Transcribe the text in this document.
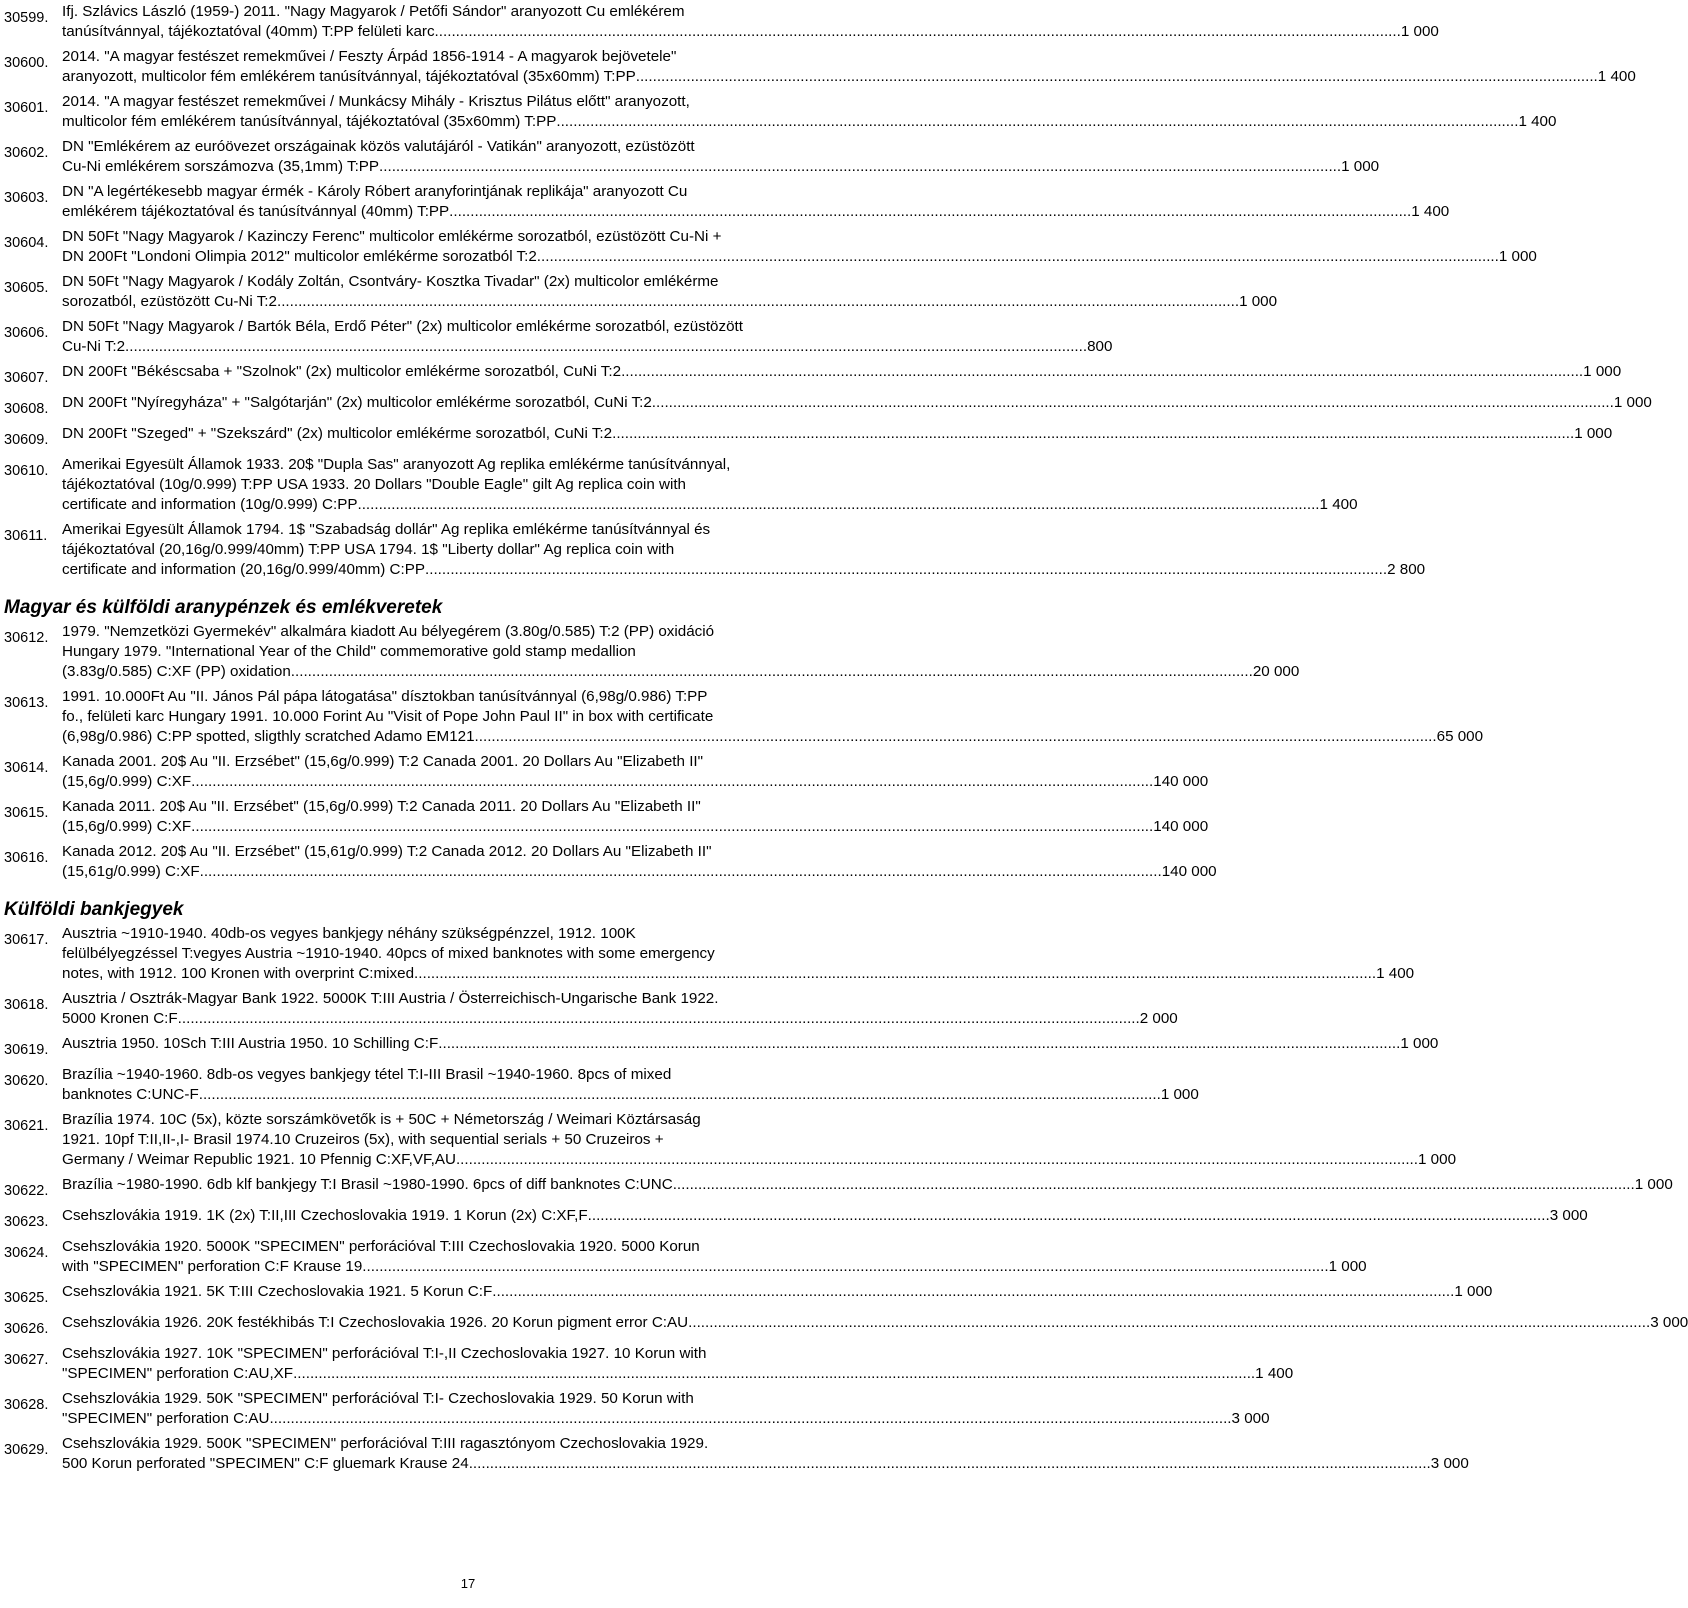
30599. Ifj. Szlávics László (1959-) 2011. "Nagy Magyarok / Petőfi Sándor" aranyozott Cu emlékérem
tanúsítvánnyal, tájékoztatóval (40mm) T:PP felületi karc. .....	1 000
30600. 2014. "A magyar festészet remekművei / Feszty Árpád 1856-1914 - A magyarok bejövetele"
aranyozott, multicolor fém emlékérem tanúsítvánnyal, tájékoztatóval (35x60mm) T:PP .....	1 400
30601. 2014. "A magyar festészet remekművei / Munkácsy Mihály - Krisztus Pilátus előtt" aranyozott,
multicolor fém emlékérem tanúsítvánnyal, tájékoztatóval (35x60mm) T:PP .....	1 400
30602. DN "Emlékérem az euróövezet országainak közös valutájáról - Vatikán" aranyozott, ezüstözött
Cu-Ni emlékérem sorszámozva (35,1mm) T:PP .....	1 000
30603. DN "A legértékesebb magyar érmék - Károly Róbert aranyforintjának replikája" aranyozott Cu
emlékérem tájékoztatóval és tanúsítvánnyal (40mm) T:PP .....	1 400
30604. DN 50Ft "Nagy Magyarok / Kazinczy Ferenc" multicolor emlékérme sorozatból, ezüstözött Cu-Ni +
DN 200Ft "Londoni Olimpia 2012" multicolor emlékérme sorozatból T:2 .....	1 000
30605. DN 50Ft "Nagy Magyarok / Kodály Zoltán, Csontváry- Kosztka Tivadar" (2x) multicolor emlékérme
sorozatból, ezüstözött Cu-Ni T:2 .....	1 000
30606. DN 50Ft "Nagy Magyarok / Bartók Béla, Erdő Péter" (2x) multicolor emlékérme sorozatból, ezüstözött
Cu-Ni T:2 .....	800
30607. DN 200Ft "Békéscsaba + "Szolnok" (2x) multicolor emlékérme sorozatból, CuNi T:2 .....	1 000
30608. DN 200Ft "Nyíregyháza" + "Salgótarján" (2x) multicolor emlékérme sorozatból, CuNi T:2 .....	1 000
30609. DN 200Ft "Szeged" + "Szekszárd" (2x) multicolor emlékérme sorozatból, CuNi T:2 .....	1 000
30610. Amerikai Egyesült Államok 1933. 20$ "Dupla Sas" aranyozott Ag replika emlékérme tanúsítvánnyal,
tájékoztatóval (10g/0.999) T:PP USA 1933. 20 Dollars "Double Eagle" gilt Ag replica coin with
certificate and information (10g/0.999) C:PP .....	1 400
30611. Amerikai Egyesült Államok 1794. 1$ "Szabadság dollár" Ag replika emlékérme tanúsítvánnyal és
tájékoztatóval (20,16g/0.999/40mm) T:PP USA 1794. 1$ "Liberty dollar" Ag replica coin with
certificate and information (20,16g/0.999/40mm) C:PP .....	2 800
Magyar és külföldi aranypénzek és emlékveretek
30612. 1979. "Nemzetközi Gyermekév" alkalmára kiadott Au bélyegérem (3.80g/0.585) T:2 (PP) oxidáció
Hungary 1979. "International Year of the Child" commemorative gold stamp medallion
(3.83g/0.585) C:XF (PP) oxidation .....	20 000
30613. 1991. 10.000Ft Au "II. János Pál pápa látogatása" dísztokban tanúsítvánnyal (6,98g/0.986) T:PP
fo., felületi karc Hungary 1991. 10.000 Forint Au "Visit of Pope John Paul II" in box with certificate
(6,98g/0.986) C:PP spotted, sligthly scratched Adamo EM121 .....	65 000
30614. Kanada 2001. 20$ Au "II. Erzsébet" (15,6g/0.999) T:2 Canada 2001. 20 Dollars Au "Elizabeth II"
(15,6g/0.999) C:XF .....	140 000
30615. Kanada 2011. 20$ Au "II. Erzsébet" (15,6g/0.999) T:2 Canada 2011. 20 Dollars Au "Elizabeth II"
(15,6g/0.999) C:XF .....	140 000
30616. Kanada 2012. 20$ Au "II. Erzsébet" (15,61g/0.999) T:2 Canada 2012. 20 Dollars Au "Elizabeth II"
(15,61g/0.999) C:XF .....	140 000
Külföldi bankjegyek
30617. Ausztria ~1910-1940. 40db-os vegyes bankjegy néhány szükségpénzzel, 1912. 100K
felülbélyegzéssel T:vegyes Austria ~1910-1940. 40pcs of mixed banknotes with some emergency
notes, with 1912. 100 Kronen with overprint C:mixed .....	1 400
30618. Ausztria / Osztrák-Magyar Bank 1922. 5000K T:III Austria / Österreichisch-Ungarische Bank 1922.
5000 Kronen C:F .....	2 000
30619. Ausztria 1950. 10Sch T:III Austria 1950. 10 Schilling C:F .....	1 000
30620. Brazília ~1940-1960. 8db-os vegyes bankjegy tétel T:I-III Brasil ~1940-1960. 8pcs of mixed
banknotes C:UNC-F .....	1 000
30621. Brazília 1974. 10C (5x), közte sorszámkövetők is + 50C + Németország / Weimari Köztársaság
1921. 10pf T:II,II-,I- Brasil 1974.10 Cruzeiros (5x), with sequential serials + 50 Cruzeiros +
Germany / Weimar Republic 1921. 10 Pfennig C:XF,VF,AU .....	1 000
30622. Brazília ~1980-1990. 6db klf bankjegy T:I Brasil ~1980-1990. 6pcs of diff banknotes C:UNC .....	1 000
30623. Csehszlovákia 1919. 1K (2x) T:II,III Czechoslovakia 1919. 1 Korun (2x) C:XF,F .....	3 000
30624. Csehszlovákia 1920. 5000K "SPECIMEN" perforációval T:III Czechoslovakia 1920. 5000 Korun
with "SPECIMEN" perforation C:F Krause 19. .....	1 000
30625. Csehszlovákia 1921. 5K T:III Czechoslovakia 1921. 5 Korun C:F .....	1 000
30626. Csehszlovákia 1926. 20K festékhibás T:I Czechoslovakia 1926. 20 Korun pigment error C:AU .....	3 000
30627. Csehszlovákia 1927. 10K "SPECIMEN" perforációval T:I-,II Czechoslovakia 1927. 10 Korun with
"SPECIMEN" perforation C:AU,XF .....	1 400
30628. Csehszlovákia 1929. 50K "SPECIMEN" perforációval T:I- Czechoslovakia 1929. 50 Korun with
"SPECIMEN" perforation C:AU .....	3 000
30629. Csehszlovákia 1929. 500K "SPECIMEN" perforációval T:III ragasztónyom Czechoslovakia 1929.
500 Korun perforated "SPECIMEN" C:F gluemark Krause 24 .....	3 000
17
